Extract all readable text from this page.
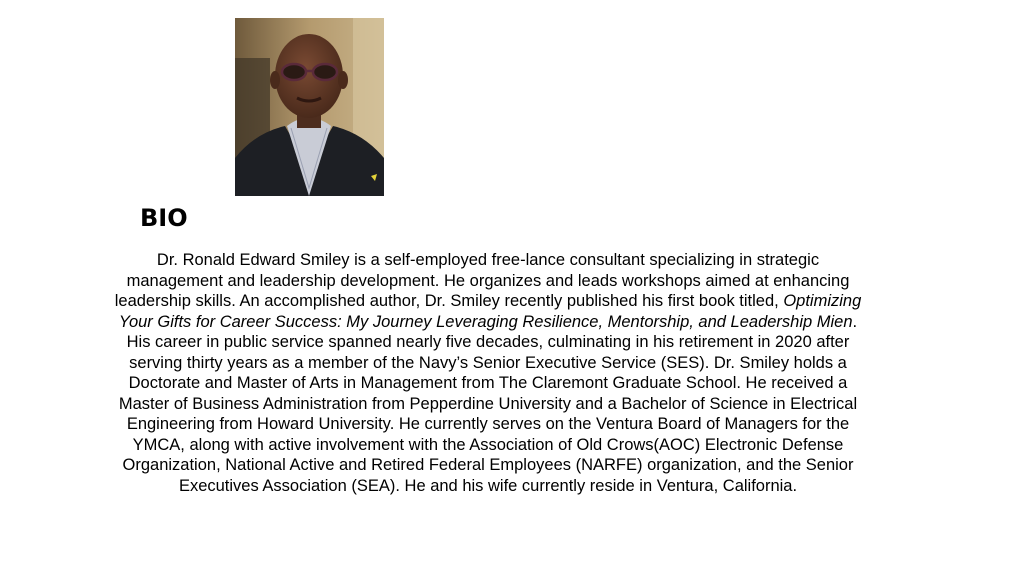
BIO

Dr. Ronald Edward Smiley is a self-employed free-lance consultant specializing in strategic management and leadership development. He organizes and leads workshops aimed at enhancing leadership skills. An accomplished author, Dr. Smiley recently published his first book titled, Optimizing Your Gifts for Career Success: My Journey Leveraging Resilience, Mentorship, and Leadership Mien. His career in public service spanned nearly five decades, culminating in his retirement in 2020 after serving thirty years as a member of the Navy’s Senior Executive Service (SES). Dr. Smiley holds a Doctorate and Master of Arts in Management from The Claremont Graduate School. He received a Master of Business Administration from Pepperdine University and a Bachelor of Science in Electrical Engineering from Howard University. He currently serves on the Ventura Board of Managers for the YMCA, along with active involvement with the Association of Old Crows(AOC) Electronic Defense Organization, National Active and Retired Federal Employees (NARFE) organization, and the Senior Executives Association (SEA). He and his wife currently reside in Ventura, California.
